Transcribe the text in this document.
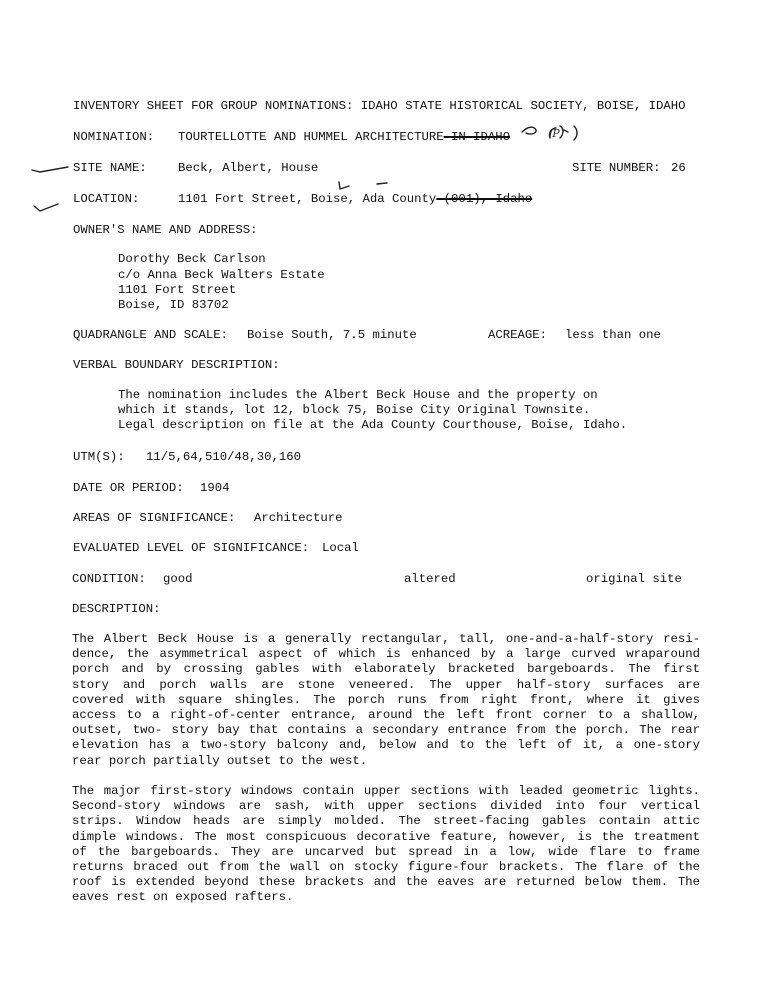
INVENTORY SHEET FOR GROUP NOMINATIONS: IDAHO STATE HISTORICAL SOCIETY, BOISE, IDAHO
NOMINATION: TOURTELLOTTE AND HUMMEL ARCHITECTURE IN IDAHO
SITE NAME:	Beck, Albert, House	SITE NUMBER: 26
LOCATION:	1101 Fort Street, Boise, Ada County (001), Idaho
OWNER'S NAME AND ADDRESS:
Dorothy Beck Carlson
c/o Anna Beck Walters Estate
1101 Fort Street
Boise, ID 83702
QUADRANGLE AND SCALE: Boise South, 7.5 minute	ACREAGE: less than one
VERBAL BOUNDARY DESCRIPTION:
The nomination includes the Albert Beck House and the property on
which it stands, lot 12, block 75, Boise City Original Townsite.
Legal description on file at the Ada County Courthouse, Boise, Idaho.
UTM(S): 11/5,64,510/48,30,160
DATE OR PERIOD: 1904
AREAS OF SIGNIFICANCE: Architecture
EVALUATED LEVEL OF SIGNIFICANCE: Local
CONDITION: good	altered	original site
DESCRIPTION:
The Albert Beck House is a generally rectangular, tall, one-and-a-half-story resi-
dence, the asymmetrical aspect of which is enhanced by a large curved wraparound
porch and by crossing gables with elaborately bracketed bargeboards. The first
story and porch walls are stone veneered. The upper half-story surfaces are
covered with square shingles. The porch runs from right front, where it gives
access to a right-of-center entrance, around the left front corner to a shallow,
outset, two- story bay that contains a secondary entrance from the porch. The rear
elevation has a two-story balcony and, below and to the left of it, a one-story
rear porch partially outset to the west.
The major first-story windows contain upper sections with leaded geometric lights.
Second-story windows are sash, with upper sections divided into four vertical
strips. Window heads are simply molded. The street-facing gables contain attic
dimple windows. The most conspicuous decorative feature, however, is the treatment
of the bargeboards. They are uncarved but spread in a low, wide flare to frame
returns braced out from the wall on stocky figure-four brackets. The flare of the
roof is extended beyond these brackets and the eaves are returned below them. The
eaves rest on exposed rafters.
(P)
